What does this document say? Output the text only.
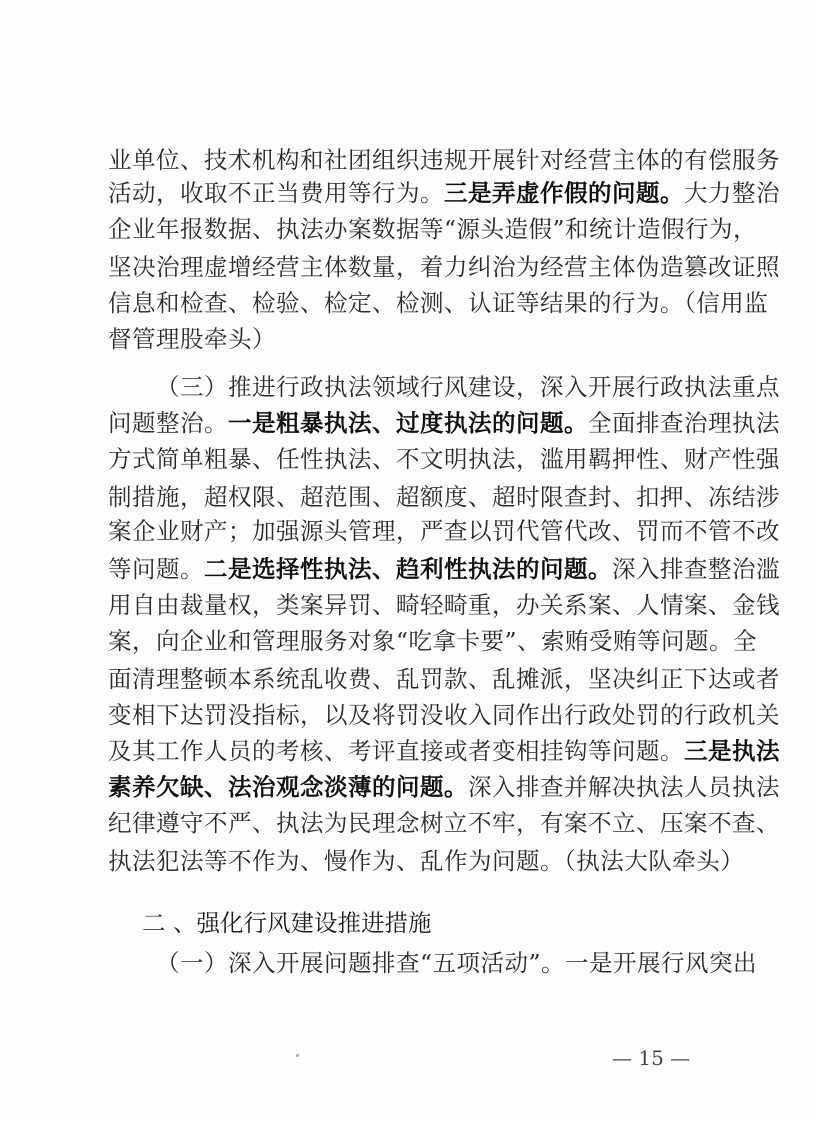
业单位、技术机构和社团组织违规开展针对经营主体的有偿服务
活动，收取不正当费用等行为。三是弄虚作假的问题。大力整治
企业年报数据、执法办案数据等“源头造假”和统计造假行为，
坚决治理虚增经营主体数量，着力纠治为经营主体伪造篡改证照
信息和检查、检验、检定、检测、认证等结果的行为。（信用监
督管理股牵头）
（三）推进行政执法领域行风建设，深入开展行政执法重点
问题整治。一是粗暴执法、过度执法的问题。全面排查治理执法
方式简单粗暴、任性执法、不文明执法，滥用羁押性、财产性强
制措施，超权限、超范围、超额度、超时限查封、扣押、冻结涉
案企业财产；加强源头管理，严查以罚代管代改、罚而不管不改
等问题。二是选择性执法、趋利性执法的问题。深入排查整治滥
用自由裁量权，类案异罚、畸轻畸重，办关系案、人情案、金钱
案，向企业和管理服务对象“吃拿卡要”、索贿受贿等问题。全
面清理整顿本系统乱收费、乱罚款、乱摊派，坚决纠正下达或者
变相下达罚没指标，以及将罚没收入同作出行政处罚的行政机关
及其工作人员的考核、考评直接或者变相挂钩等问题。三是执法
素养欠缺、法治观念淡薄的问题。深入排查并解决执法人员执法
纪律遵守不严、执法为民理念树立不牢，有案不立、压案不查、
执法犯法等不作为、慢作为、乱作为问题。（执法大队牵头）
二 、强化行风建设推进措施
（一）深入开展问题排查“五项活动”。一是开展行风突出
— 15 —
